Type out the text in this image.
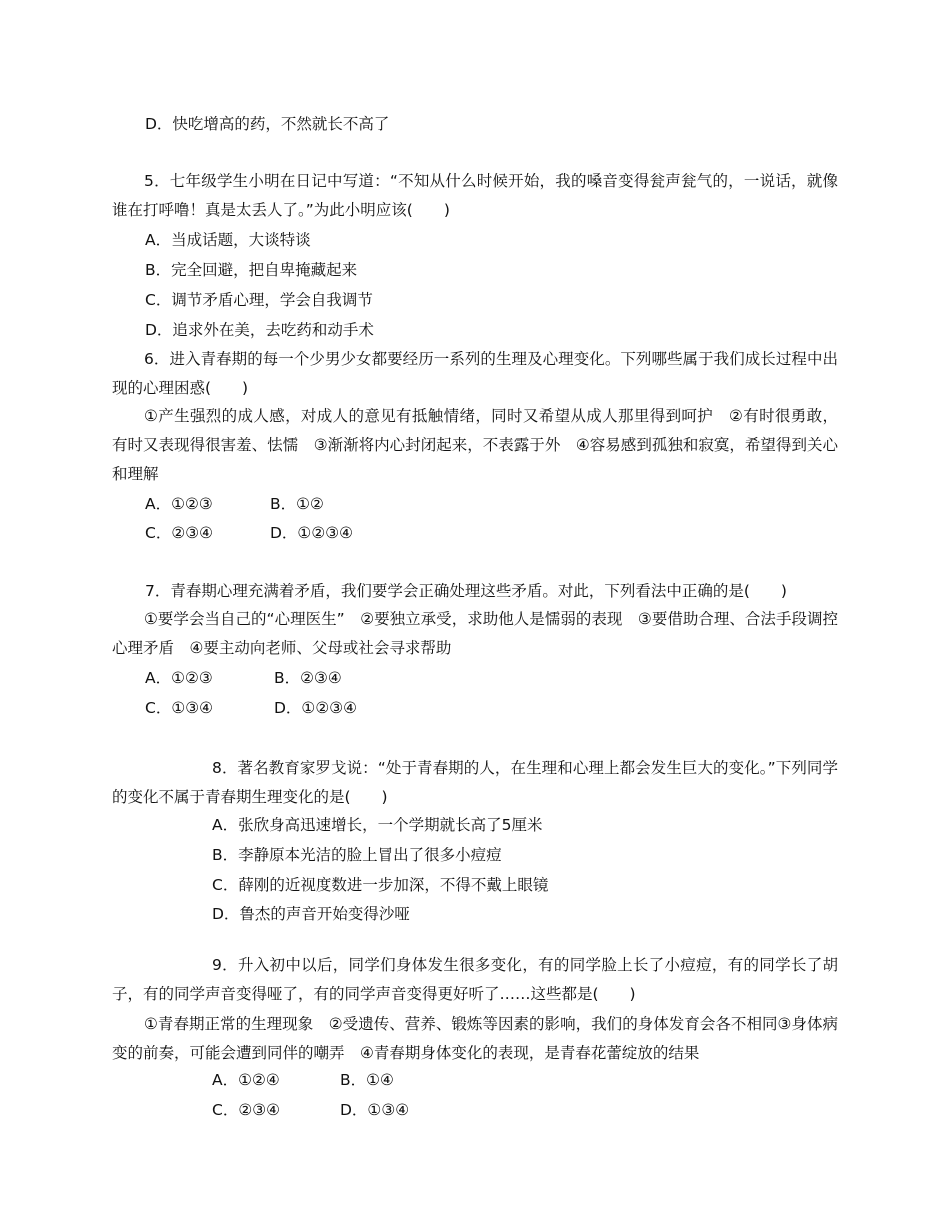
D．快吃增高的药，不然就长不高了
5．七年级学生小明在日记中写道：“不知从什么时候开始，我的嗓音变得瓮声瓮气的，一说话，就像谁在打呼噜！真是太丢人了。”为此小明应该(　　)
A．当成话题，大谈特谈
B．完全回避，把自卑掩藏起来
C．调节矛盾心理，学会自我调节
D．追求外在美，去吃药和动手术
6．进入青春期的每一个少男少女都要经历一系列的生理及心理变化。下列哪些属于我们成长过程中出现的心理困惑(　　)
①产生强烈的成人感，对成人的意见有抵触情绪，同时又希望从成人那里得到呵护　②有时很勇敢，有时又表现得很害羞、怯懦　③渐渐将内心封闭起来，不表露于外　④容易感到孤独和寂寞，希望得到关心和理解
A．①②③	B．①②
C．②③④	D．①②③④
7．青春期心理充满着矛盾，我们要学会正确处理这些矛盾。对此，下列看法中正确的是(　　)
①要学会当自己的“心理医生”　②要独立承受，求助他人是懦弱的表现　③要借助合理、合法手段调控心理矛盾　④要主动向老师、父母或社会寻求帮助
A．①②③	B．②③④
C．①③④	D．①②③④
8．著名教育家罗戈说：“处于青春期的人，在生理和心理上都会发生巨大的变化。”下列同学的变化不属于青春期生理变化的是(　　)
A．张欣身高迅速增长，一个学期就长高了5厘米
B．李静原本光洁的脸上冒出了很多小痘痘
C．薛刚的近视度数进一步加深，不得不戴上眼镜
D．鲁杰的声音开始变得沙哑
9．升入初中以后，同学们身体发生很多变化，有的同学脸上长了小痘痘，有的同学长了胡子，有的同学声音变得哑了，有的同学声音变得更好听了……这些都是(　　)
①青春期正常的生理现象　②受遗传、营养、锻炼等因素的影响，我们的身体发育会各不相同③身体病变的前奏，可能会遭到同伴的嘲弄　④青春期身体变化的表现，是青春花蕾绽放的结果
A．①②④	B．①④
C．②③④	D．①③④
